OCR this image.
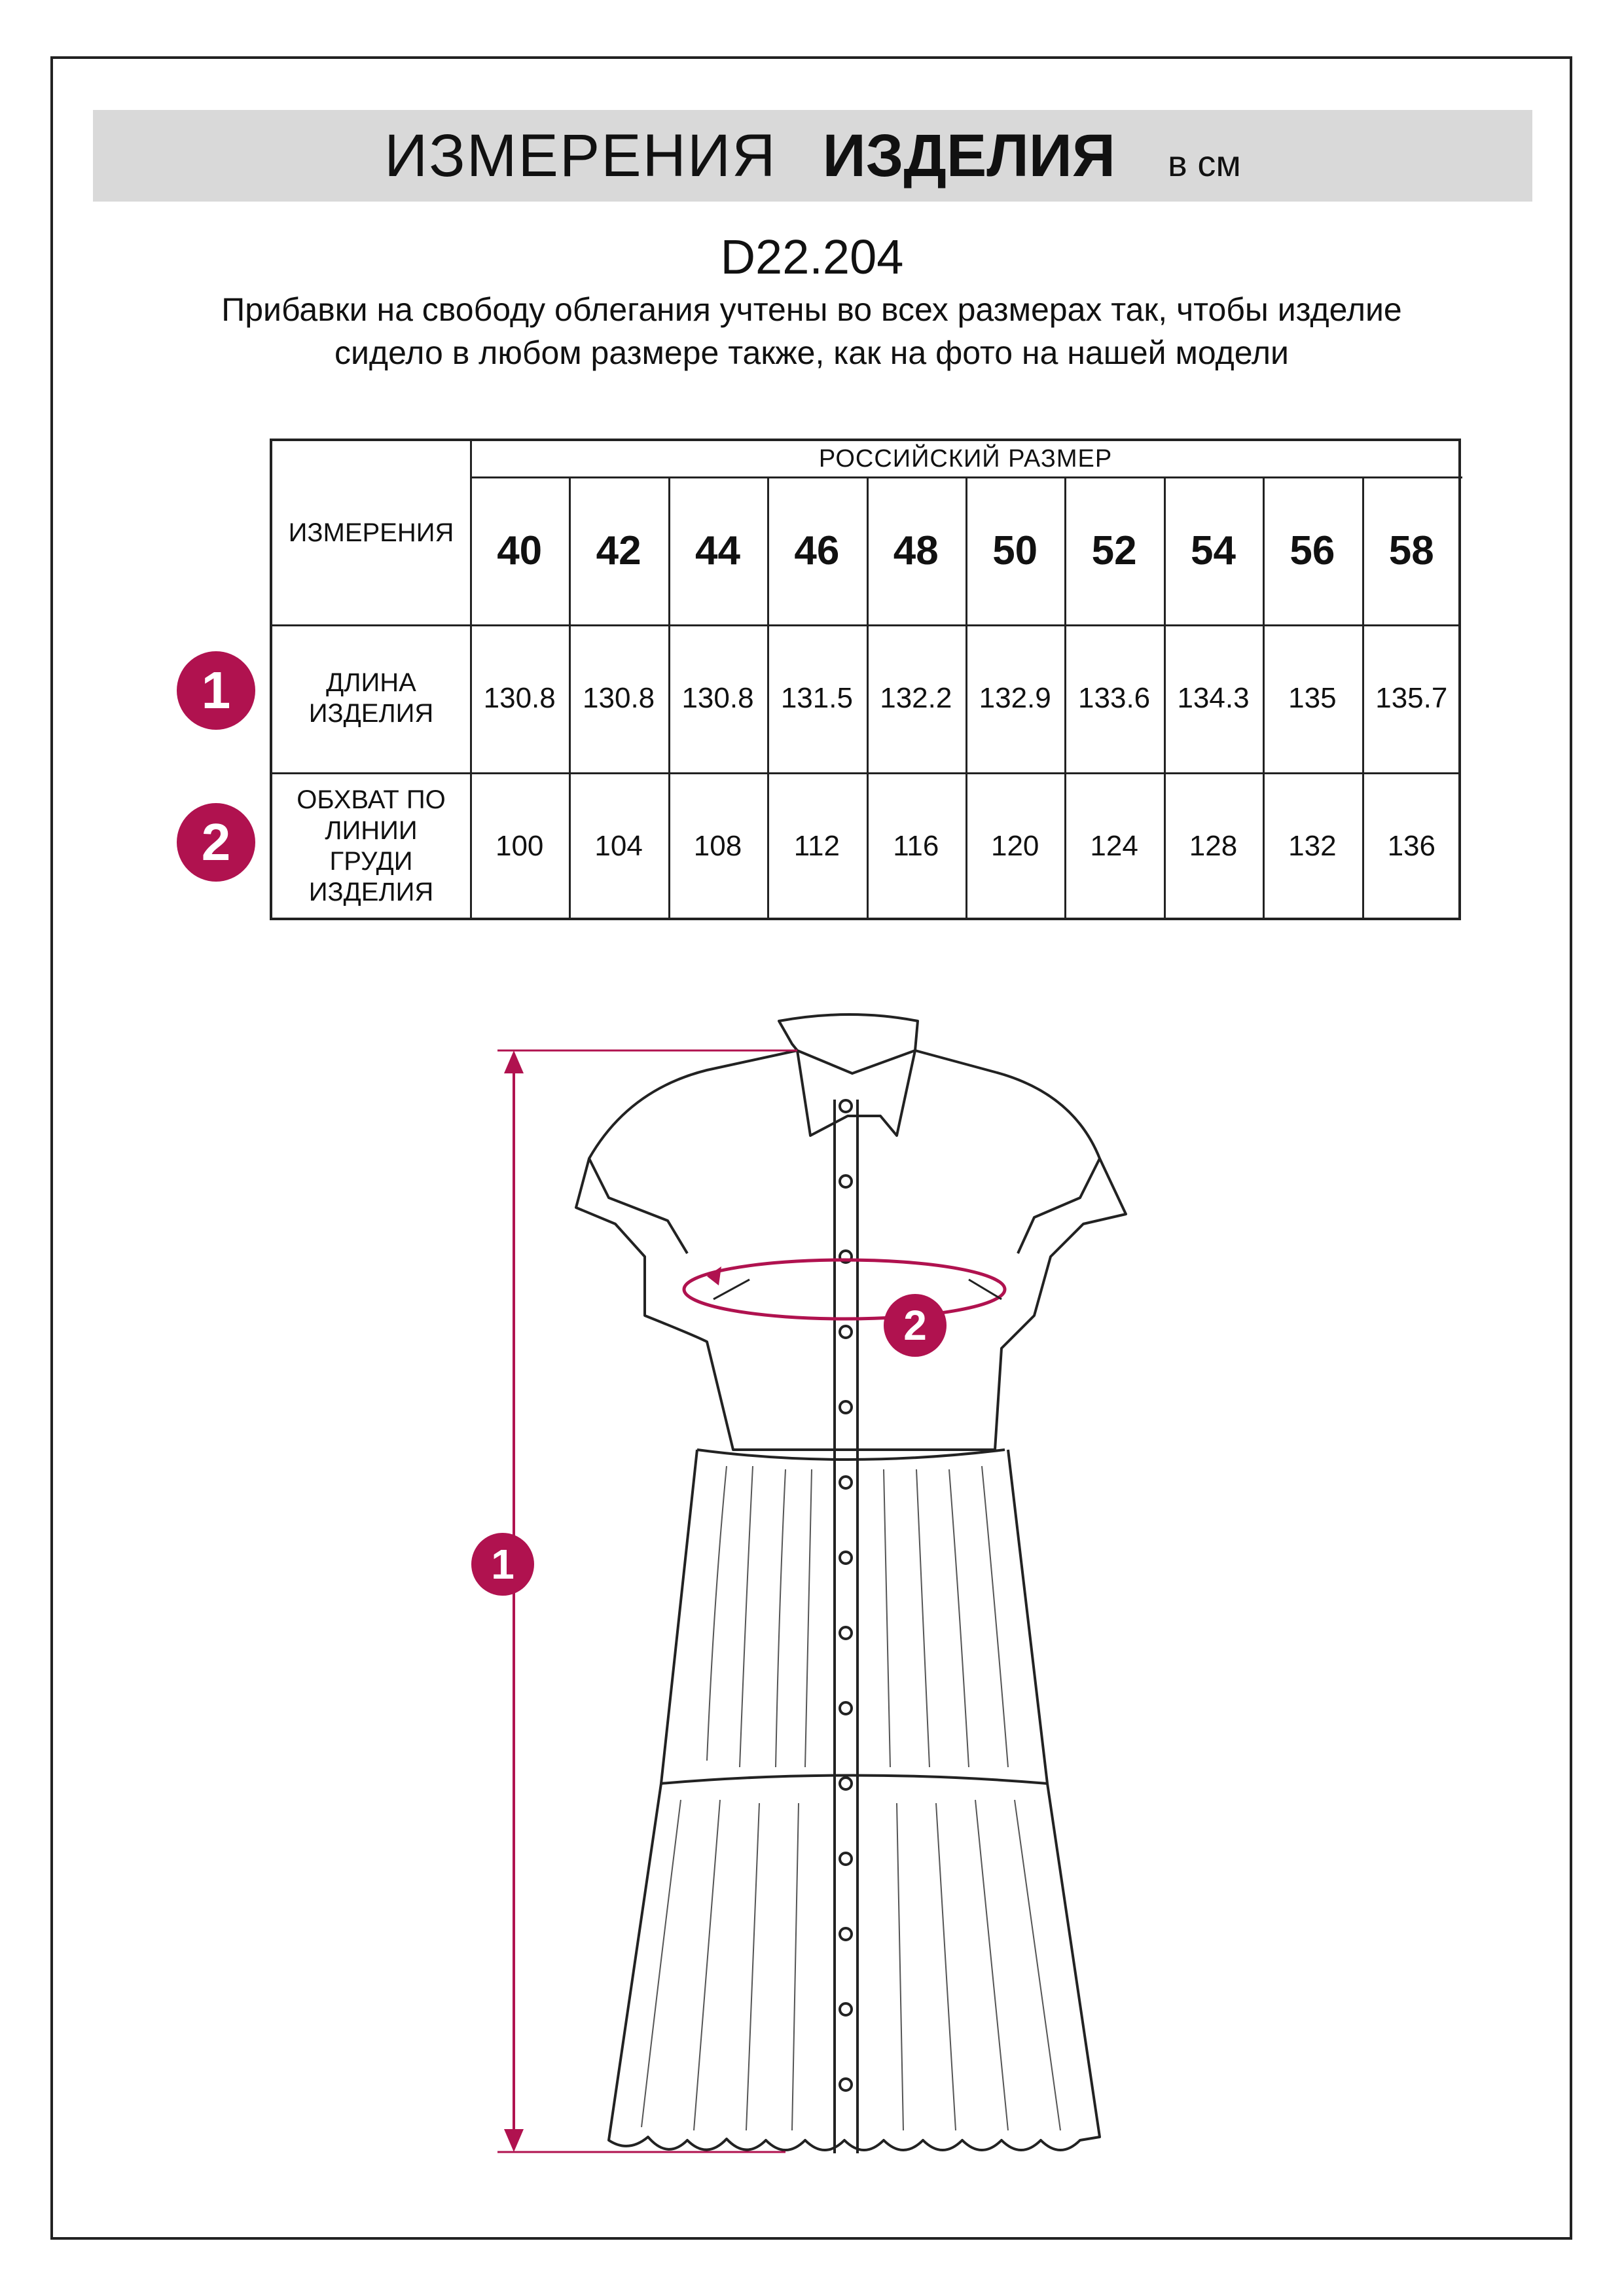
ИЗМЕРЕНИЯ ИЗДЕЛИЯ в см
D22.204
Прибавки на свободу облегания учтены во всех размерах так, чтобы изделие сидело в любом размере также, как на фото на нашей модели
ИЗМЕРЕНИЯ
РОССИЙСКИЙ РАЗМЕР
40	42	44	46	48	50	52	54	56	58
ДЛИНА ИЗДЕЛИЯ
ОБХВАТ ПО ЛИНИИ ГРУДИ ИЗДЕЛИЯ
130.8 130.8 130.8 131.5 132.2 132.9 133.6 134.3	135	135.7
100	104	108	112	116	120	124	128	132	136
1
2
1
2
